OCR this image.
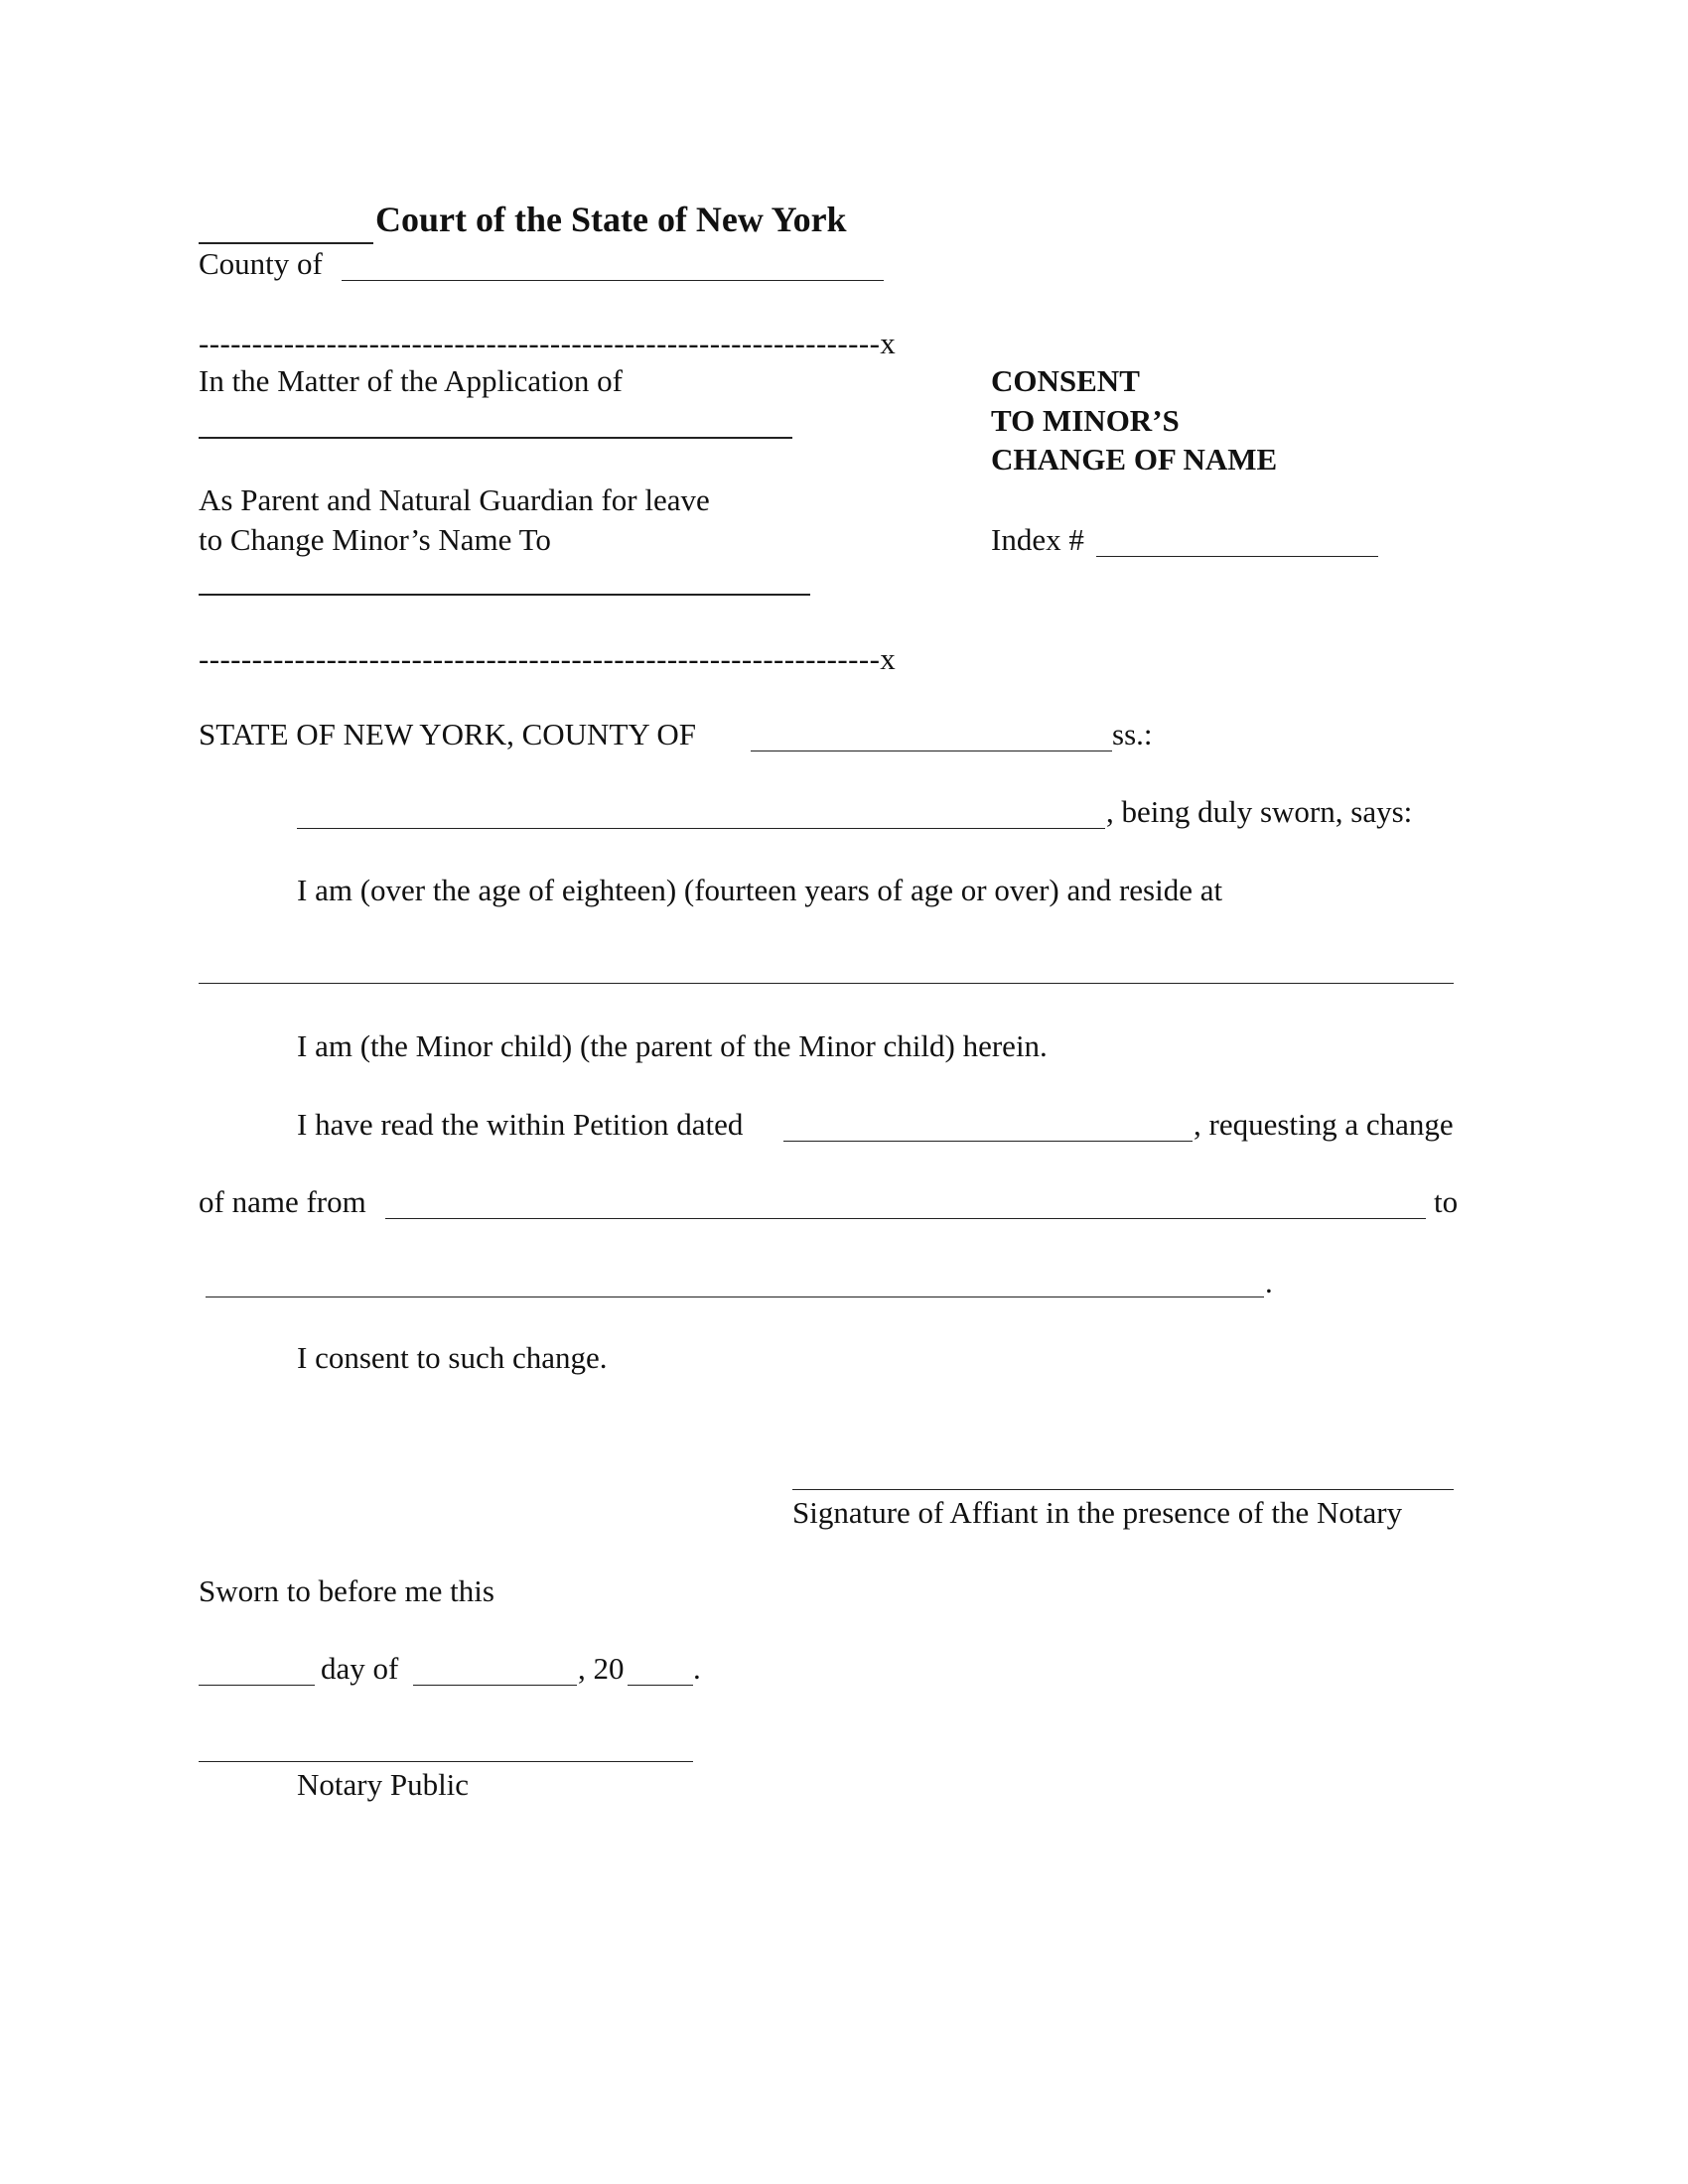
Court of the State of New York
County of
----------------------------------------------------------------x
In the Matter of the Application of
As Parent and Natural Guardian for leave
to Change Minor’s Name To
----------------------------------------------------------------x
CONSENT
TO MINOR’S
CHANGE OF NAME
Index #
STATE OF NEW YORK, COUNTY OF	ss.:
, being duly sworn, says:
I am (over the age of eighteen) (fourteen years of age or over) and reside at
I am (the Minor child) (the parent of the Minor child) herein.
I have read the within Petition dated	, requesting a change
of name from	to
.
I consent to such change.
Signature of Affiant in the presence of the Notary
Sworn to before me this
day of	, 20 .
Notary Public
